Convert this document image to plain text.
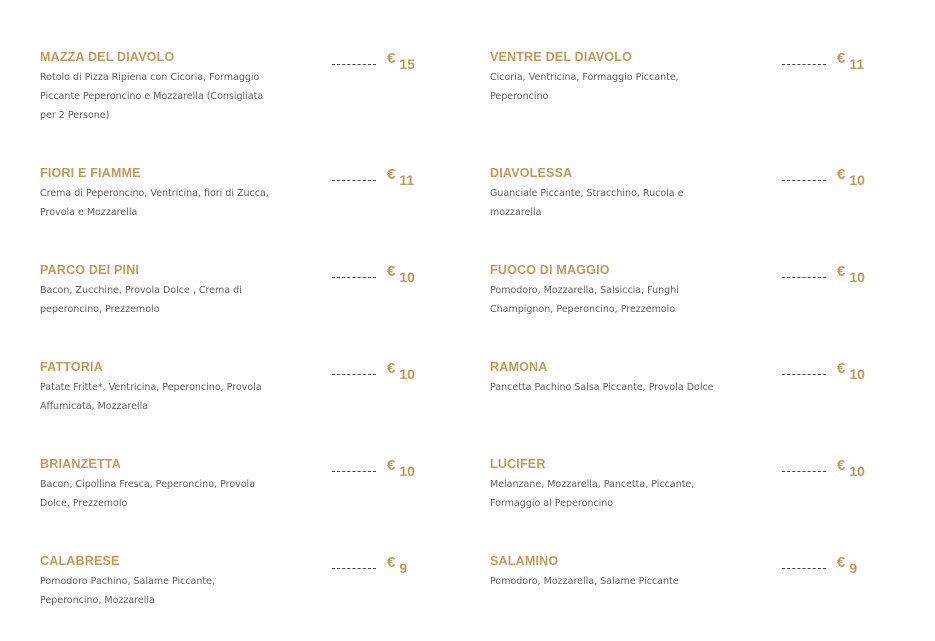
MAZZA DEL DIAVOLO
Rotolo di Pizza Ripiena con Cicoria, Formaggio Piccante Peperoncino e Mozzarella (Consigliata per 2 Persone)
€ 15
FIORI E FIAMME
Crema di Peperoncino, Ventricina, fiori di Zucca, Provola e Mozzarella
€ 11
PARCO DEI PINI
Bacon, Zucchine, Provola Dolce , Crema di peperoncino, Prezzemolo
€ 10
FATTORIA
Patate Fritte*, Ventricina, Peperoncino, Provola Affumicata, Mozzarella
€ 10
BRIANZETTA
Bacon, Cipollina Fresca, Peperoncino, Provola Dolce, Prezzemolo
€ 10
CALABRESE
Pomodoro Pachino, Salame Piccante, Peperoncino, Mozzarella
€ 9
VENTRE DEL DIAVOLO
Cicoria, Ventricina, Formaggio Piccante, Peperoncino
€ 11
DIAVOLESSA
Guanciale Piccante, Stracchino, Rucola e mozzarella
€ 10
FUOCO DI MAGGIO
Pomodoro, Mozzarella, Salsiccia, Funghi Champignon, Peperoncino, Prezzemolo
€ 10
RAMONA
Pancetta Pachino Salsa Piccante, Provola Dolce
€ 10
LUCIFER
Melanzane, Mozzarella, Pancetta, Piccante, Formaggio al Peperoncino
€ 10
SALAMINO
Pomodoro, Mozzarella, Salame Piccante
€ 9
